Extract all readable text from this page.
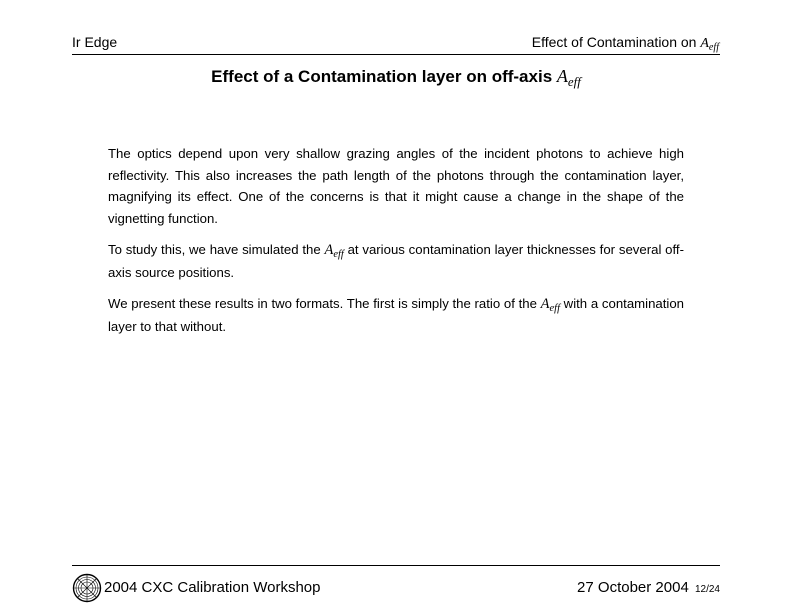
Ir Edge	Effect of Contamination on $A_{eff}$
Effect of a Contamination layer on off-axis $A_{eff}$

The optics depend upon very shallow grazing angles of the incident photons to achieve high reflectivity. This also increases the path length of the photons through the contamination layer, magnifying its effect. One of the concerns is that it might cause a change in the shape of the vignetting function.

To study this, we have simulated the $A_{eff}$ at various contamination layer thicknesses for several off-axis source positions.

We present these results in two formats. The first is simply the ratio of the $A_{eff}$ with a contamination layer to that without.

2004 CXC Calibration Workshop	27 October 2004 12/24
